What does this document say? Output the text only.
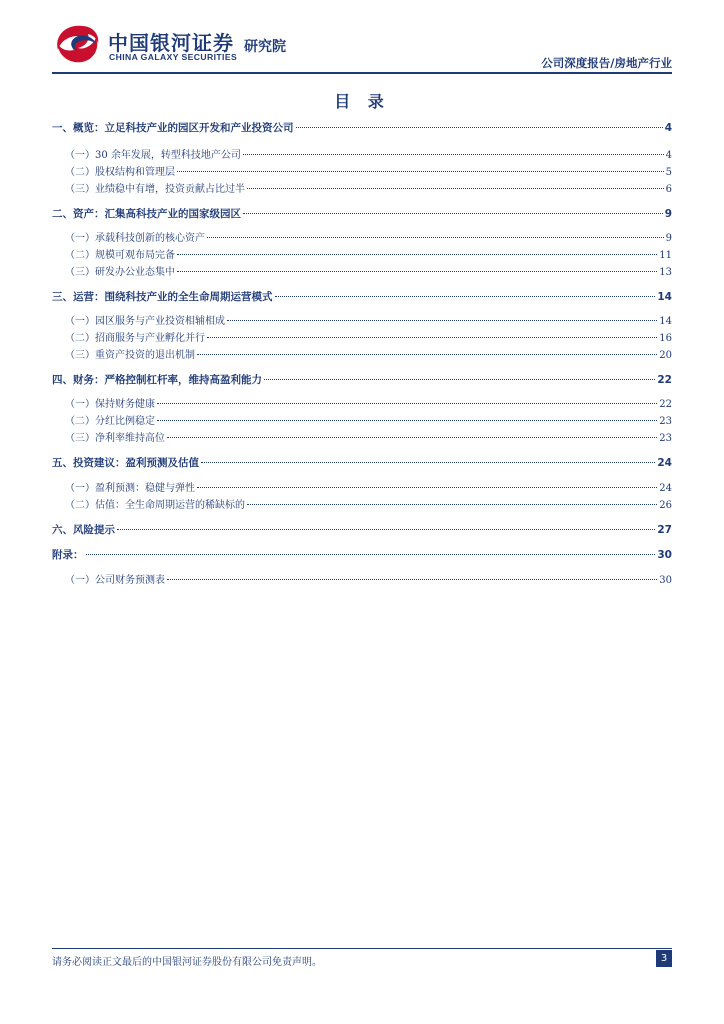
中国银河证券
CHINA GALAXY SECURITIES
研究院
公司深度报告/房地产行业
目 录
一、概览：立足科技产业的园区开发和产业投资公司	4
（一）30 余年发展，转型科技地产公司	4
（二）股权结构和管理层	5
（三）业绩稳中有增，投资贡献占比过半	6
二、资产：汇集高科技产业的国家级园区	9
（一）承载科技创新的核心资产	9
（二）规模可观布局完备	11
（三）研发办公业态集中	13
三、运营：围绕科技产业的全生命周期运营模式	14
（一）园区服务与产业投资相辅相成	14
（二）招商服务与产业孵化并行	16
（三）重资产投资的退出机制	20
四、财务：严格控制杠杆率，维持高盈利能力	22
（一）保持财务健康	22
（二）分红比例稳定	23
（三）净利率维持高位	23
五、投资建议：盈利预测及估值	24
（一）盈利预测：稳健与弹性	24
（二）估值：全生命周期运营的稀缺标的	26
六、风险提示	27
附录：	30
（一）公司财务预测表	30
请务必阅读正文最后的中国银河证券股份有限公司免责声明。	3
